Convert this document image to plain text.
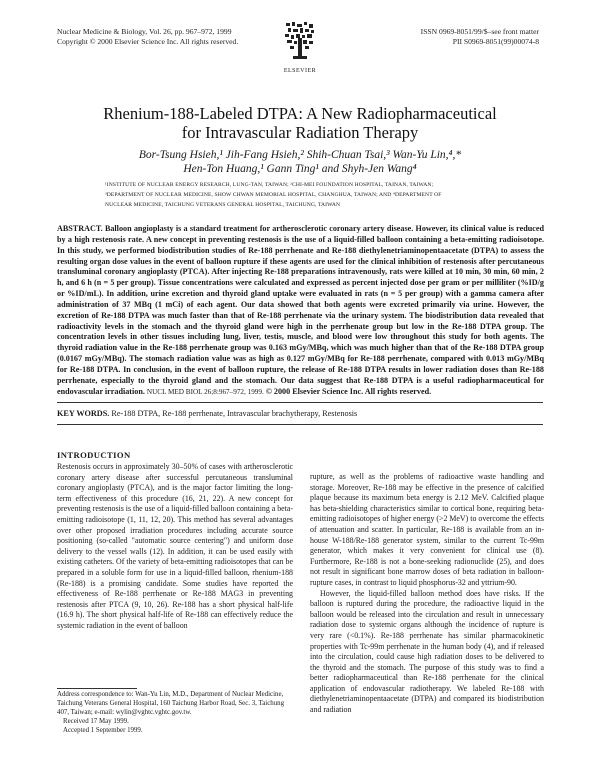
Nuclear Medicine & Biology, Vol. 26, pp. 967–972, 1999
Copyright © 2000 Elsevier Science Inc. All rights reserved.
ELSEVIER
ISSN 0969-8051/99/$–see front matter
PII S0969-8051(99)00074-8
Rhenium-188-Labeled DTPA: A New Radiopharmaceutical
for Intravascular Radiation Therapy
Bor-Tsung Hsieh,¹ Jih-Fang Hsieh,² Shih-Chuan Tsai,³ Wan-Yu Lin,⁴,*
Hen-Ton Huang,¹ Gann Ting¹ and Shyh-Jen Wang⁴
¹INSTITUTE OF NUCLEAR ENERGY RESEARCH, LUNG-TAN, TAIWAN; ²CHI-MEI FOUNDATION HOSPITAL, TAINAN, TAIWAN;
³DEPARTMENT OF NUCLEAR MEDICINE, SHOW CHWAN MEMORIAL HOSPITAL, CHANGHUA, TAIWAN; AND ⁴DEPARTMENT OF
NUCLEAR MEDICINE, TAICHUNG VETERANS GENERAL HOSPITAL, TAICHUNG, TAIWAN
ABSTRACT. Balloon angioplasty is a standard treatment for artherosclerotic coronary artery disease. However, its clinical value is reduced by a high restenosis rate. A new concept in preventing restenosis is the use of a liquid-filled balloon containing a beta-emitting radioisotope. In this study, we performed biodistribution studies of Re-188 perrhenate and Re-188 diethylenetriaminopentaacetate (DTPA) to assess the resulting organ dose values in the event of balloon rupture if these agents are used for the clinical inhibition of restenosis after percutaneous transluminal coronary angioplasty (PTCA). After injecting Re-188 preparations intravenously, rats were killed at 10 min, 30 min, 60 min, 2 h, and 6 h (n = 5 per group). Tissue concentrations were calculated and expressed as percent injected dose per gram or per milliliter (%ID/g or %ID/mL). In addition, urine excretion and thyroid gland uptake were evaluated in rats (n = 5 per group) with a gamma camera after administration of 37 MBq (1 mCi) of each agent. Our data showed that both agents were excreted primarily via urine. However, the excretion of Re-188 DTPA was much faster than that of Re-188 perrhenate via the urinary system. The biodistribution data revealed that radioactivity levels in the stomach and the thyroid gland were high in the perrhenate group but low in the Re-188 DTPA group. The concentration levels in other tissues including lung, liver, testis, muscle, and blood were low throughout this study for both agents. The thyroid radiation value in the Re-188 perrhenate group was 0.163 mGy/MBq, which was much higher than that of the Re-188 DTPA group (0.0167 mGy/MBq). The stomach radiation value was as high as 0.127 mGy/MBq for Re-188 perrhenate, compared with 0.013 mGy/MBq for Re-188 DTPA. In conclusion, in the event of balloon rupture, the release of Re-188 DTPA results in lower radiation doses than Re-188 perrhenate, especially to the thyroid gland and the stomach. Our data suggest that Re-188 DTPA is a useful radiopharmaceutical for endovascular irradiation. NUCL MED BIOL 26;8:967–972, 1999. © 2000 Elsevier Science Inc. All rights reserved.
KEY WORDS. Re-188 DTPA, Re-188 perrhenate, Intravascular brachytherapy, Restenosis
INTRODUCTION

Restenosis occurs in approximately 30–50% of cases with artherosclerotic coronary artery disease after successful percutaneous transluminal coronary angioplasty (PTCA), and is the major factor limiting the long-term effectiveness of this procedure (16, 21, 22). A new concept for preventing restenosis is the use of a liquid-filled balloon containing a beta-emitting radioisotope (1, 11, 12, 20). This method has several advantages over other proposed irradiation procedures including accurate source positioning (so-called "automatic source centering") and uniform dose delivery to the vessel walls (12). In addition, it can be used easily with existing catheters. Of the variety of beta-emitting radioisotopes that can be prepared in a soluble form for use in a liquid-filled balloon, rhenium-188 (Re-188) is a promising candidate. Some studies have reported the effectiveness of Re-188 perrhenate or Re-188 MAG3 in preventing restenosis after PTCA (9, 10, 26). Re-188 has a short physical half-life (16.9 h). The short physical half-life of Re-188 can effectively reduce the systemic radiation in the event of balloon

rupture, as well as the problems of radioactive waste handling and storage. Moreover, Re-188 may be effective in the presence of calcified plaque because its maximum beta energy is 2.12 MeV. Calcified plaque has beta-shielding characteristics similar to cortical bone, requiring beta-emitting radioisotopes of higher energy (>2 MeV) to overcome the effects of attenuation and scatter. In particular, Re-188 is available from an in-house W-188/Re-188 generator system, similar to the current Tc-99m generator, which makes it very convenient for clinical use (8). Furthermore, Re-188 is not a bone-seeking radionuclide (25), and does not result in significant bone marrow doses of beta radiation in balloon-rupture cases, in contrast to liquid phosphorus-32 and yttrium-90.

However, the liquid-filled balloon method does have risks. If the balloon is ruptured during the procedure, the radioactive liquid in the balloon would be released into the circulation and result in unnecessary radiation dose to systemic organs although the incidence of rupture is very rare (<0.1%). Re-188 perrhenate has similar pharmacokinetic properties with Tc-99m perrhenate in the human body (4), and if released into the circulation, could cause high radiation doses to be delivered to the thyroid and the stomach. The purpose of this study was to find a better radiopharmaceutical than Re-188 perrhenate for the clinical application of endovascular radiotherapy. We labeled Re-188 with diethylenetriaminopentaacetate (DTPA) and compared its biodistribution and radiation

Address correspondence to: Wan-Yu Lin, M.D., Department of Nuclear Medicine, Taichung Veterans General Hospital, 160 Taichung Harbor Road, Sec. 3, Taichung 407, Taiwan; e-mail: wylin@vghtc.vghtc.gov.tw.
Received 17 May 1999.
Accepted 1 September 1999.
